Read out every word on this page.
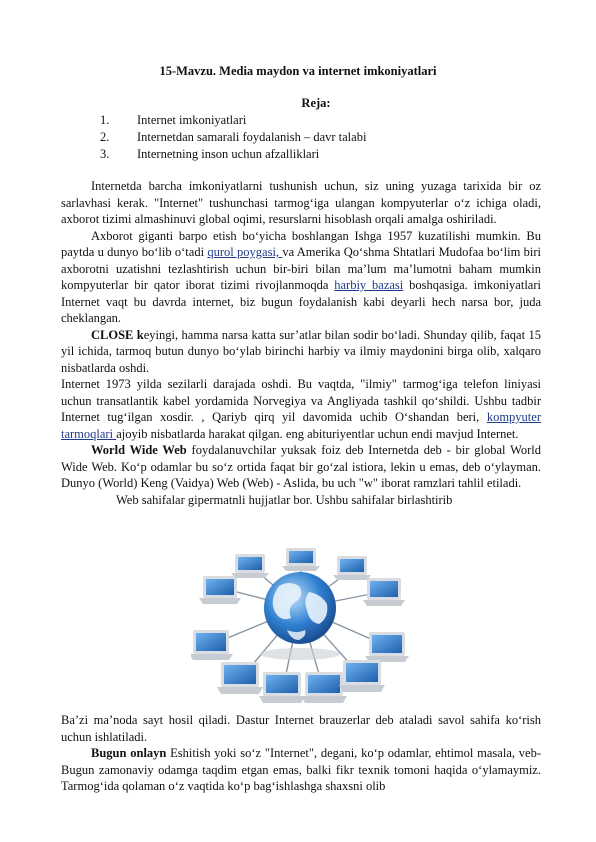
15-Mavzu. Media maydon va internet imkoniyatlari

Reja:

1. Internet imkoniyatlari
2. Internetdan samarali foydalanish – davr talabi
3. Internetning inson uchun afzalliklari

Internetda barcha imkoniyatlarni tushunish uchun, siz uning yuzaga tarixida bir oz sarlavhasi kerak. "Internet" tushunchasi tarmog‘iga ulangan kompyuterlar o‘z ichiga oladi, axborot tizimi almashinuvi global oqimi, resurslarni hisoblash orqali amalga oshiriladi.

Axborot giganti barpo etish bo‘yicha boshlangan Ishga 1957 kuzatilishi mumkin. Bu paytda u dunyo bo‘lib o‘tadi qurol poygasi, va Amerika Qo‘shma Shtatlari Mudofaa bo‘lim biri axborotni uzatishni tezlashtirish uchun bir-biri bilan ma’lum ma’lumotni baham mumkin kompyuterlar bir qator iborat tizimi rivojlanmoqda harbiy bazasi boshqasiga. imkoniyatlari Internet vaqt bu davrda internet, biz bugun foydalanish kabi deyarli hech narsa bor, juda cheklangan.

CLOSE keyingi, hamma narsa katta sur’atlar bilan sodir bo‘ladi. Shunday qilib, faqat 15 yil ichida, tarmoq butun dunyo bo‘ylab birinchi harbiy va ilmiy maydonini birga olib, xalqaro nisbatlarda oshdi.

Internet 1973 yilda sezilarli darajada oshdi. Bu vaqtda, "ilmiy" tarmog‘iga telefon liniyasi uchun transatlantik kabel yordamida Norvegiya va Angliyada tashkil qo‘shildi. Ushbu tadbir Internet tug‘ilgan xosdir. , Qariyb qirq yil davomida uchib O‘shandan beri, kompyuter tarmoqlari ajoyib nisbatlarda harakat qilgan. eng abituriyentlar uchun endi mavjud Internet.

World Wide Web foydalanuvchilar yuksak foiz deb Internetda deb - bir global World Wide Web. Ko‘p odamlar bu so‘z ortida faqat bir go‘zal istiora, lekin u emas, deb o‘ylayman. Dunyo (World) Keng (Vaidya) Web (Web) - Aslida, bu uch "w" iborat ramzlari tahlil etiladi.

Web sahifalar gipermatnli hujjatlar bor. Ushbu sahifalar birlashtirib

Ba’zi ma’noda sayt hosil qiladi. Dastur Internet brauzerlar deb ataladi savol sahifa ko‘rish uchun ishlatiladi.

Bugun onlayn Eshitish yoki so‘z "Internet", degani, ko‘p odamlar, ehtimol masala, veb-Bugun zamonaviy odamga taqdim etgan emas, balki fikr texnik tomoni haqida o‘ylamaymiz. Tarmog‘ida qolaman o‘z vaqtida ko‘p bag‘ishlashga shaxsni olib
